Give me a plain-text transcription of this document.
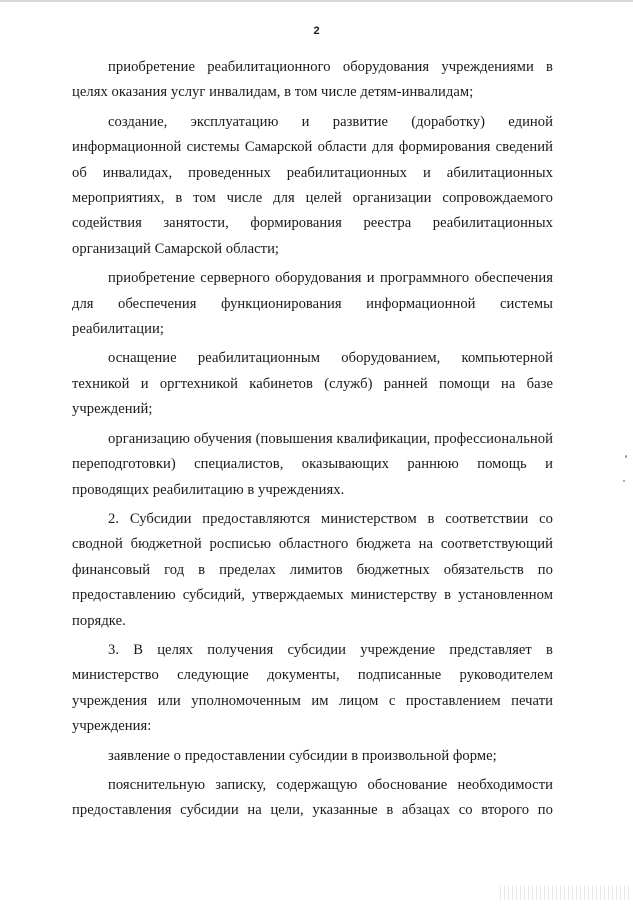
2

приобретение реабилитационного оборудования учреждениями в целях оказания услуг инвалидам, в том числе детям-инвалидам;

создание, эксплуатацию и развитие (доработку) единой информационной системы Самарской области для формирования сведений об инвалидах, проведенных реабилитационных и абилитационных мероприятиях, в том числе для целей организации сопровождаемого содействия занятости, формирования реестра реабилитационных организаций Самарской области;

приобретение серверного оборудования и программного обеспечения для обеспечения функционирования информационной системы реабилитации;

оснащение реабилитационным оборудованием, компьютерной техникой и оргтехникой кабинетов (служб) ранней помощи на базе учреждений;

организацию обучения (повышения квалификации, профессиональной переподготовки) специалистов, оказывающих раннюю помощь и проводящих реабилитацию в учреждениях.

2. Субсидии предоставляются министерством в соответствии со сводной бюджетной росписью областного бюджета на соответствующий финансовый год в пределах лимитов бюджетных обязательств по предоставлению субсидий, утверждаемых министерству в установленном порядке.

3. В целях получения субсидии учреждение представляет в министерство следующие документы, подписанные руководителем учреждения или уполномоченным им лицом с проставлением печати учреждения:

заявление о предоставлении субсидии в произвольной форме;

пояснительную записку, содержащую обоснование необходимости предоставления субсидии на цели, указанные в абзацах со второго по
